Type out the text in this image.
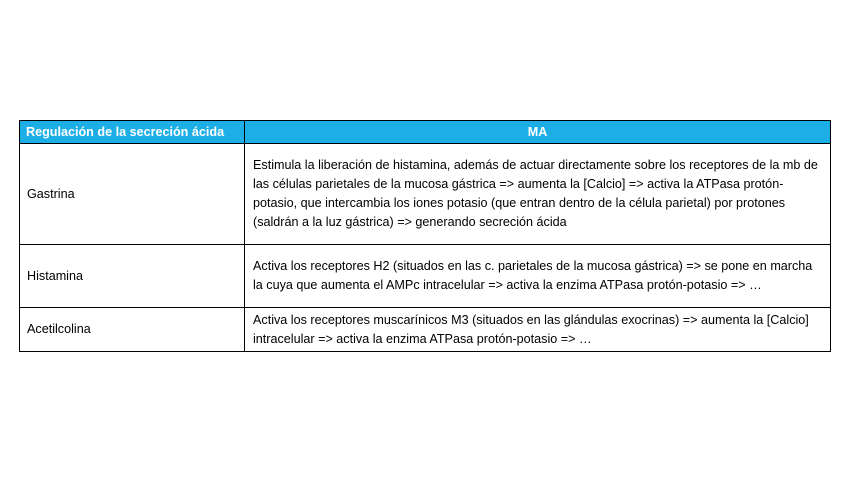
Regulación de la secreción ácida	MA
Gastrina	Estimula la liberación de histamina, además de actuar directamente sobre los receptores de la mb de las células parietales de la mucosa gástrica => aumenta la [Calcio] => activa la ATPasa protón-potasio, que intercambia los iones potasio (que entran dentro de la célula parietal) por protones (saldrán a la luz gástrica) => generando secreción ácida
Histamina	Activa los receptores H2 (situados en las c. parietales de la mucosa gástrica) => se pone en marcha la cuya que aumenta el AMPc intracelular => activa la enzima ATPasa protón-potasio => …
Acetilcolina	Activa los receptores muscarínicos M3 (situados en las glándulas exocrinas) => aumenta la [Calcio] intracelular => activa la enzima ATPasa protón-potasio => …
